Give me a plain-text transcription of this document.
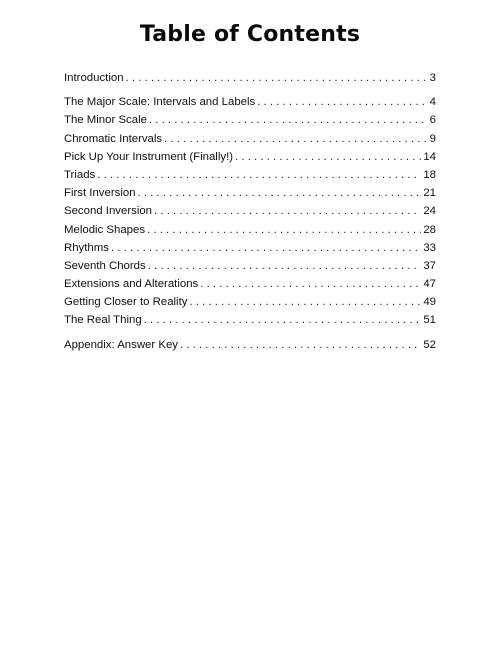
Table of Contents
Introduction . . .	3
The Major Scale: Intervals and Labels . . .	4
The Minor Scale . . .	6
Chromatic Intervals . . .	9
Pick Up Your Instrument (Finally!) . . .	14
Triads . . .	18
First Inversion . . .	21
Second Inversion . . .	24
Melodic Shapes . . .	28
Rhythms . . .	33
Seventh Chords . . .	37
Extensions and Alterations . . .	47
Getting Closer to Reality . . .	49
The Real Thing . . .	51
Appendix: Answer Key . . .	52
